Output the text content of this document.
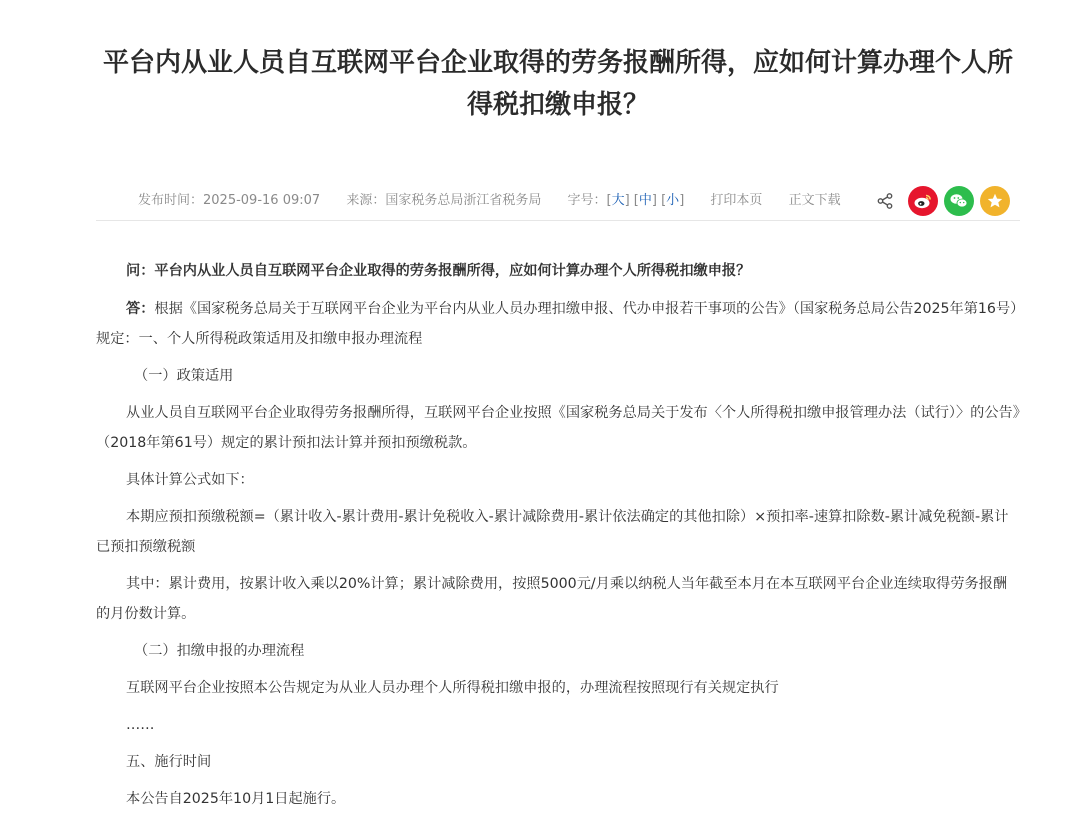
平台内从业人员自互联网平台企业取得的劳务报酬所得，应如何计算办理个人所得税扣缴申报？
发布时间：2025-09-16 09:07 来源：国家税务总局浙江省税务局 字号：[大] [中] [小] 打印本页 正文下载

问：平台内从业人员自互联网平台企业取得的劳务报酬所得，应如何计算办理个人所得税扣缴申报？

答：根据《国家税务总局关于互联网平台企业为平台内从业人员办理扣缴申报、代办申报若干事项的公告》（国家税务总局公告2025年第16号）规定：一、个人所得税政策适用及扣缴申报办理流程

（一）政策适用

从业人员自互联网平台企业取得劳务报酬所得，互联网平台企业按照《国家税务总局关于发布〈个人所得税扣缴申报管理办法（试行）〉的公告》（2018年第61号）规定的累计预扣法计算并预扣预缴税款。

具体计算公式如下：

本期应预扣预缴税额=（累计收入-累计费用-累计免税收入-累计减除费用-累计依法确定的其他扣除）×预扣率-速算扣除数-累计减免税额-累计已预扣预缴税额

其中：累计费用，按累计收入乘以20%计算；累计减除费用，按照5000元/月乘以纳税人当年截至本月在本互联网平台企业连续取得劳务报酬的月份数计算。

（二）扣缴申报的办理流程

互联网平台企业按照本公告规定为从业人员办理个人所得税扣缴申报的，办理流程按照现行有关规定执行

……

五、施行时间

本公告自2025年10月1日起施行。
